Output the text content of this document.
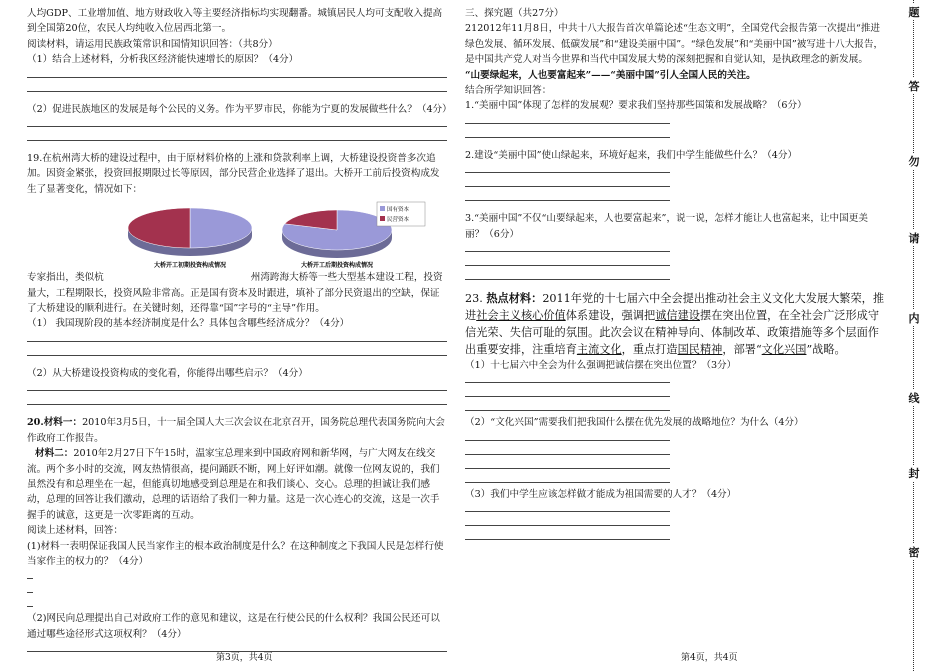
人均GDP、工业增加值、地方财政收入等主要经济指标均实现翻番。城镇居民人均可支配收入提高到全国第20位，农民人均纯收入位居西北第一。

阅读材料，请运用民族政策常识和国情知识回答：（共8分）

（1）结合上述材料，分析我区经济能快速增长的原因？（4分）

（2）促进民族地区的发展是每个公民的义务。作为平罗市民，你能为宁夏的发展做些什么？（4分）

19.在杭州湾大桥的建设过程中，由于原材料价格的上涨和贷款利率上调，大桥建设投资普多次追加。因资金紧张，投资回报期限过长等原因，部分民营企业选择了退出。大桥开工前后投资构成发生了显著变化，情况如下：

大桥开工初期投资构成情况
国有资本
民营资本
大桥开工后期投资构成情况

专家指出，类似杭	州湾跨海大桥等一些大型基本建设工程，投资量大，工程期限长，投资风险非常高。正是国有资本及时跟进，填补了部分民资退出的空缺，保证了大桥建设的顺利进行。在关键时刻，还得靠“国”字号的“主导”作用。

（1） 我国现阶段的基本经济制度是什么？具体包含哪些经济成分？（4分）

（2）从大桥建设投资构成的变化看，你能得出哪些启示？（4分）

20.材料一：2010年3月5日，十一届全国人大三次会议在北京召开，国务院总理代表国务院向大会作政府工作报告。

材料二：2010年2月27日下午15时，温家宝总理来到中国政府网和新华网，与广大网友在线交流。两个多小时的交流，网友热情很高，提问踊跃不断，网上好评如潮。就像一位网友说的，我们虽然没有和总理坐在一起，但能真切地感受到总理是在和我们谈心、交心。总理的担诚让我们感动，总理的回答让我们激动，总理的话语给了我们一种力量。这是一次心连心的交流，这是一次手握手的诚意，这更是一次零距离的互动。

阅读上述材料，回答：

(1)材料一表明保证我国人民当家作主的根本政治制度是什么？在这种制度之下我国人民是怎样行使当家作主的权力的？（4分）

（2)网民向总理提出自己对政府工作的意见和建议，这是在行使公民的什么权利？我国公民还可以通过哪些途径形式这项权利？（4分）

第3页，共4页

三、探究题（共27分）

212012年11月8日，中共十八大报告首次单篇论述“生态文明”，全国党代会报告第一次提出“推进绿色发展、循环发展、低碳发展”和“建设美丽中国”。“绿色发展”和“美丽中国”被写进十八大报告，是中国共产党人对当今世界和当代中国发展大势的深刻把握和自觉认知，是执政理念的新发展。

“山要绿起来，人也要富起来”——“美丽中国”引人全国人民的关注。

结合所学知识回答：

1.“美丽中国”体现了怎样的发展观？要求我们坚持那些国策和发展战略？（6分）

2.建设“美丽中国”使山绿起来，环境好起来，我们中学生能做些什么？（4分）

3.“美丽中国”不仅“山要绿起来，人也要富起来”，说一说，怎样才能让人也富起来，让中国更美丽？（6分）

23. 热点材料：2011年党的十七届六中全会提出推动社会主义文化大发展大繁荣，推进社会主义核心价值体系建设，强调把诚信建设摆在突出位置，在全社会广泛形成守信光荣、失信可耻的氛围。此次会议在精神导向、体制改革、政策措施等多个层面作出重要安排，注重培育主流文化，重点打造国民精神，部署“文化兴国”战略。

（1）十七届六中全会为什么强调把诚信摆在突出位置？（3分）

（2）“文化兴国”需要我们把我国什么摆在优先发展的战略地位？为什么（4分）

（3）我们中学生应该怎样做才能成为祖国需要的人才？（4分）

第4页，共4页
题
答
勿
请
内
线
封
密
